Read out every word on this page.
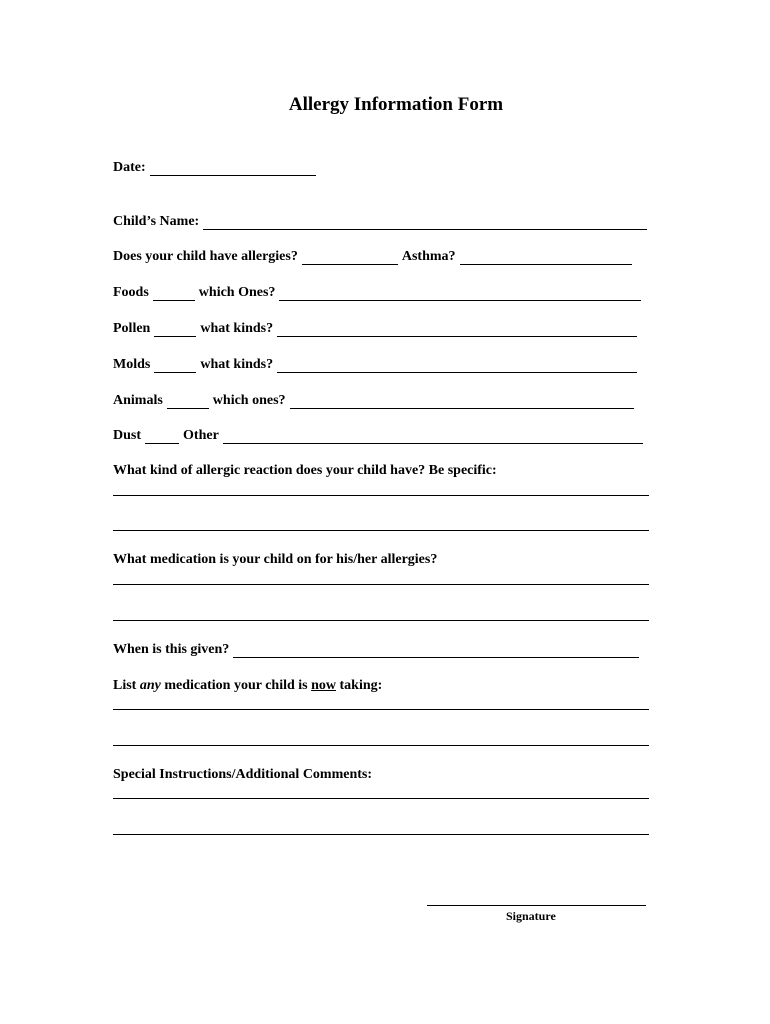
Allergy Information Form
Date:
Child’s Name:
Does your child have allergies?	Asthma?
Foods	which Ones?
Pollen	what kinds?
Molds	what kinds?
Animals	which ones?
Dust	Other
What kind of allergic reaction does your child have? Be specific:
What medication is your child on for his/her allergies?
When is this given?
List any medication your child is now taking:
Special Instructions/Additional Comments:
Signature
